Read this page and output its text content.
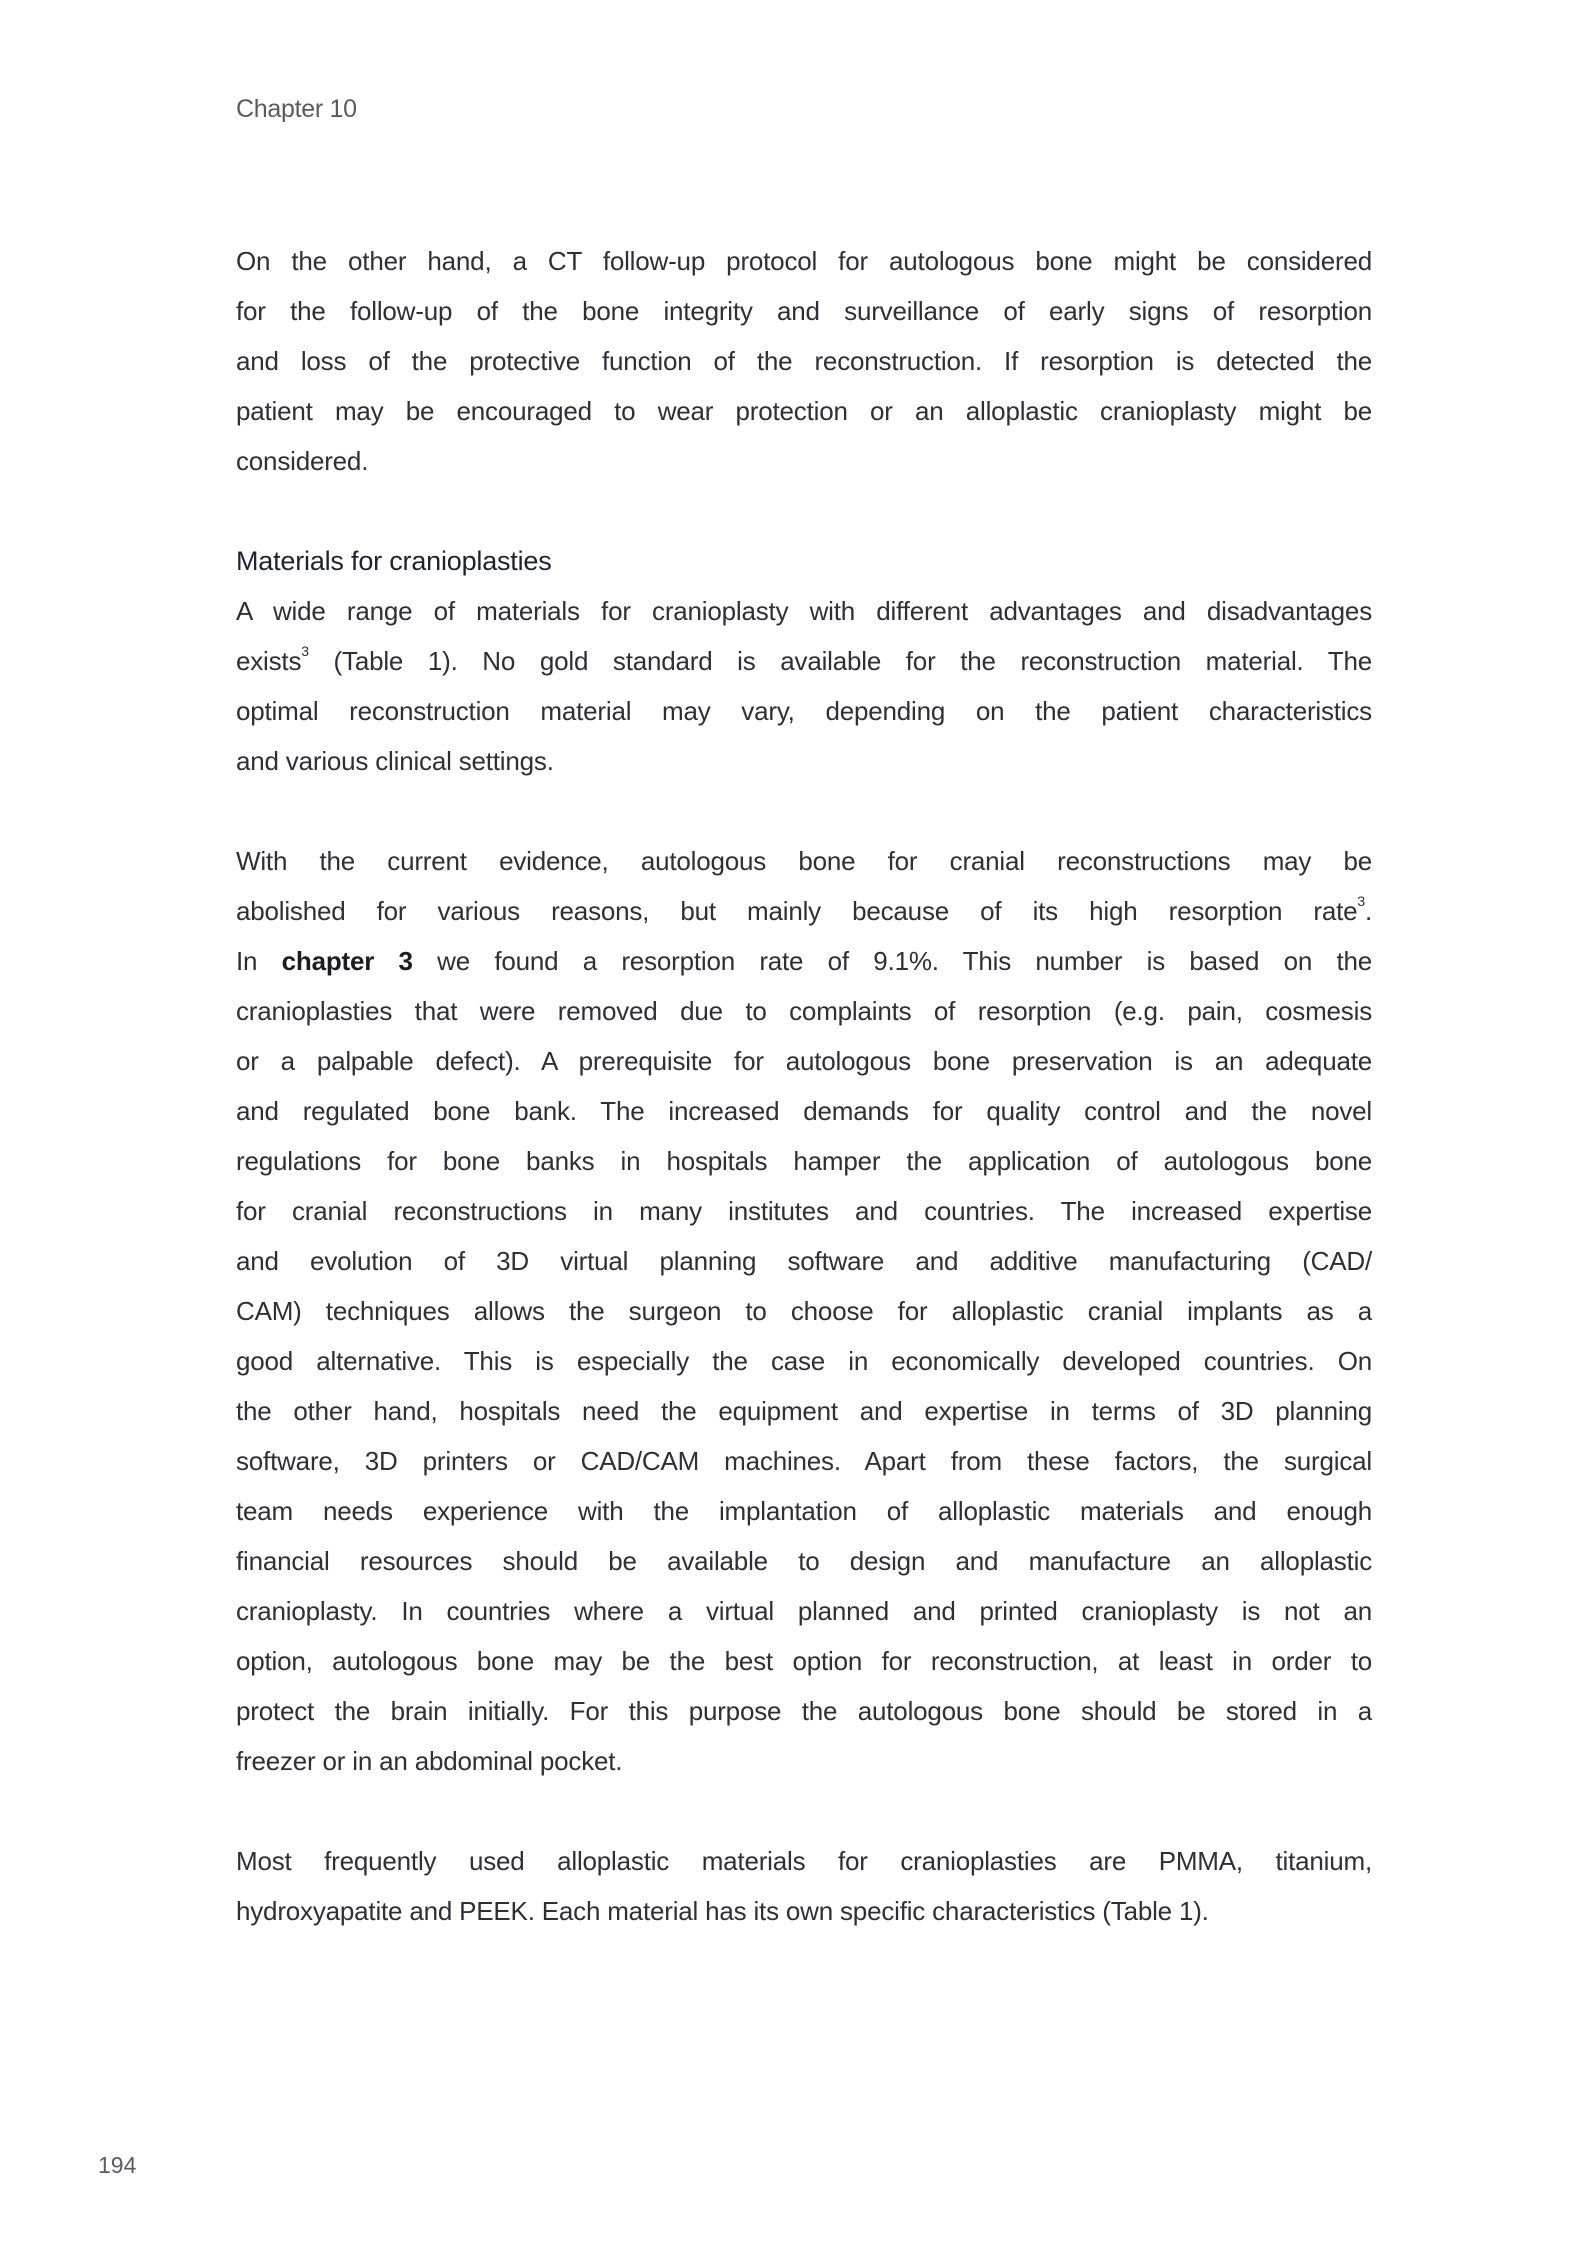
Chapter 10
On the other hand, a CT follow-up protocol for autologous bone might be considered
for the follow-up of the bone integrity and surveillance of early signs of resorption
and loss of the protective function of the reconstruction. If resorption is detected the
patient may be encouraged to wear protection or an alloplastic cranioplasty might be
considered.
Materials for cranioplasties
A wide range of materials for cranioplasty with different advantages and disadvantages
exists$^3$ (Table 1). No gold standard is available for the reconstruction material. The
optimal reconstruction material may vary, depending on the patient characteristics
and various clinical settings.
With the current evidence, autologous bone for cranial reconstructions may be
abolished for various reasons, but mainly because of its high resorption rate$^3$.
In chapter 3 we found a resorption rate of 9.1%. This number is based on the
cranioplasties that were removed due to complaints of resorption (e.g. pain, cosmesis
or a palpable defect). A prerequisite for autologous bone preservation is an adequate
and regulated bone bank. The increased demands for quality control and the novel
regulations for bone banks in hospitals hamper the application of autologous bone
for cranial reconstructions in many institutes and countries. The increased expertise
and evolution of 3D virtual planning software and additive manufacturing (CAD/
CAM) techniques allows the surgeon to choose for alloplastic cranial implants as a
good alternative. This is especially the case in economically developed countries. On
the other hand, hospitals need the equipment and expertise in terms of 3D planning
software, 3D printers or CAD/CAM machines. Apart from these factors, the surgical
team needs experience with the implantation of alloplastic materials and enough
financial resources should be available to design and manufacture an alloplastic
cranioplasty. In countries where a virtual planned and printed cranioplasty is not an
option, autologous bone may be the best option for reconstruction, at least in order to
protect the brain initially. For this purpose the autologous bone should be stored in a
freezer or in an abdominal pocket.
Most frequently used alloplastic materials for cranioplasties are PMMA, titanium,
hydroxyapatite and PEEK. Each material has its own specific characteristics (Table 1).
194
